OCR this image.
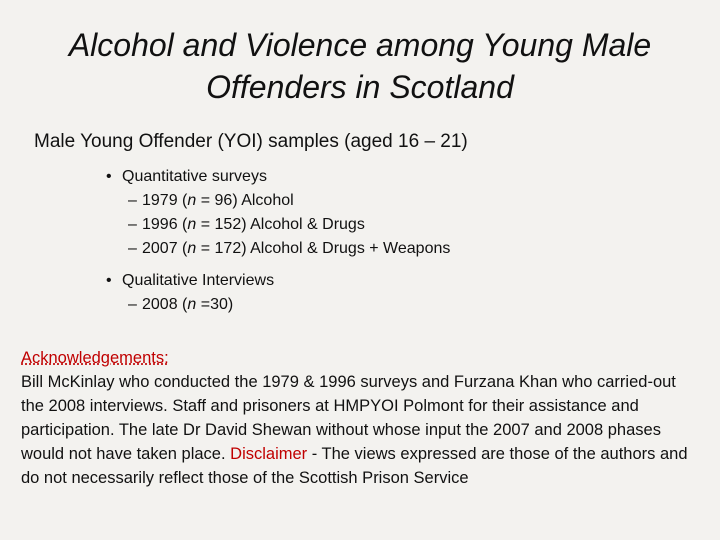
Alcohol and Violence among Young Male Offenders in Scotland
Male Young Offender (YOI) samples (aged 16 – 21)
• Quantitative surveys
– 1979 (n = 96) Alcohol
– 1996 (n = 152) Alcohol & Drugs
– 2007 (n = 172) Alcohol & Drugs + Weapons
• Qualitative Interviews
– 2008 (n =30)
Acknowledgements:
Bill McKinlay who conducted the 1979 & 1996 surveys and Furzana Khan who carried-out the 2008 interviews. Staff and prisoners at HMPYOI Polmont for their assistance and participation. The late Dr David Shewan without whose input the 2007 and 2008 phases would not have taken place. Disclaimer - The views expressed are those of the authors and do not necessarily reflect those of the Scottish Prison Service
